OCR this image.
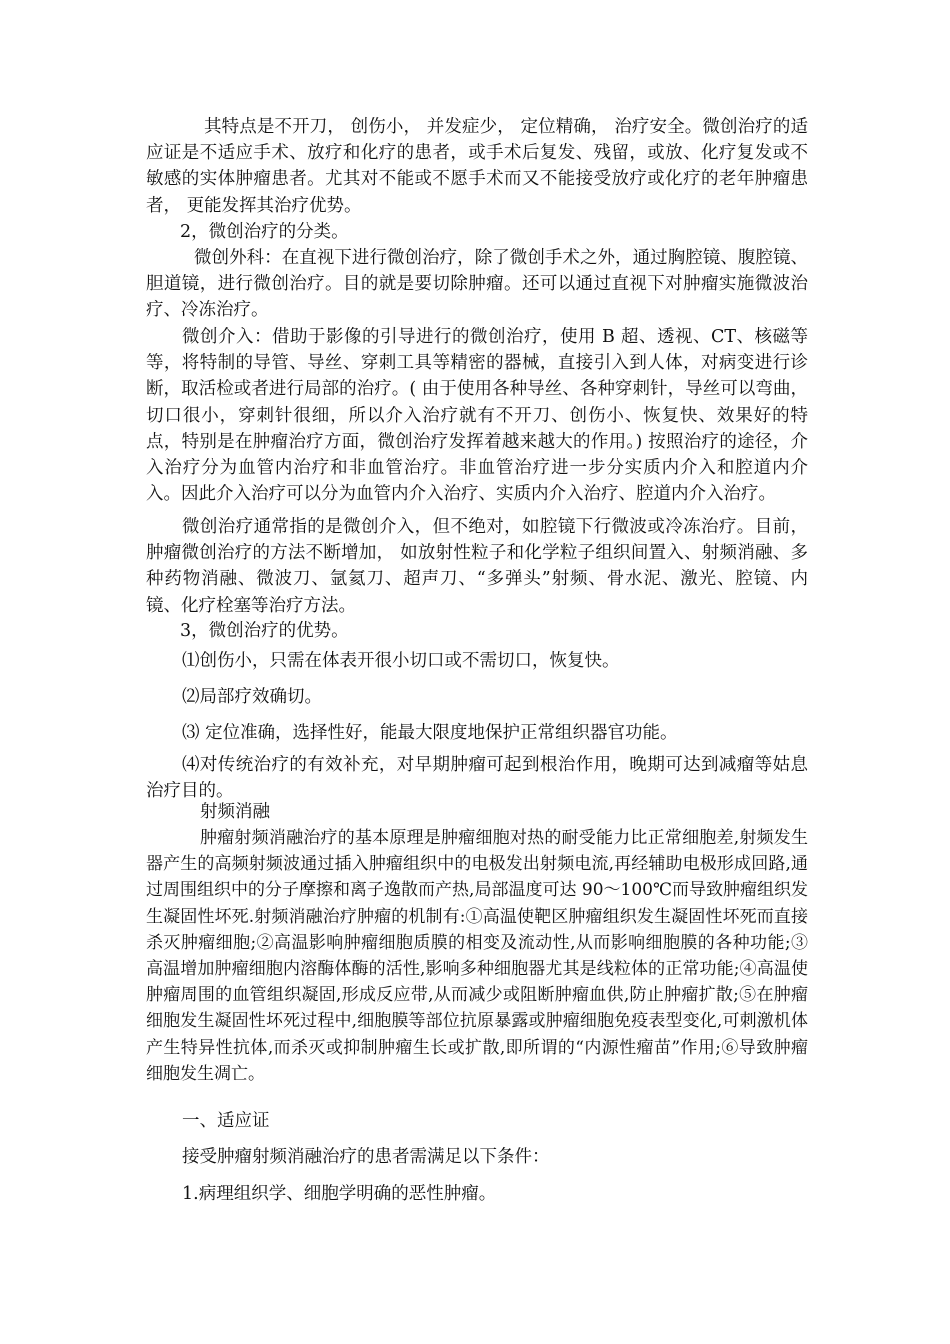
其特点是不开刀， 创伤小， 并发症少， 定位精确， 治疗安全。微创治疗的适应证是不适应手术、放疗和化疗的患者，或手术后复发、残留，或放、化疗复发或不敏感的实体肿瘤患者。尤其对不能或不愿手术而又不能接受放疗或化疗的老年肿瘤患者， 更能发挥其治疗优势。

2，微创治疗的分类。

微创外科：在直视下进行微创治疗，除了微创手术之外，通过胸腔镜、腹腔镜、胆道镜，进行微创治疗。目的就是要切除肿瘤。还可以通过直视下对肿瘤实施微波治疗、冷冻治疗。

微创介入：借助于影像的引导进行的微创治疗，使用 B 超、透视、CT、核磁等等，将特制的导管、导丝、穿刺工具等精密的器械，直接引入到人体，对病变进行诊断，取活检或者进行局部的治疗。( 由于使用各种导丝、各种穿刺针，导丝可以弯曲，切口很小，穿刺针很细，所以介入治疗就有不开刀、创伤小、恢复快、效果好的特点，特别是在肿瘤治疗方面，微创治疗发挥着越来越大的作用。) 按照治疗的途径，介入治疗分为血管内治疗和非血管治疗。非血管治疗进一步分实质内介入和腔道内介入。因此介入治疗可以分为血管内介入治疗、实质内介入治疗、腔道内介入治疗。

微创治疗通常指的是微创介入，但不绝对，如腔镜下行微波或冷冻治疗。目前， 肿瘤微创治疗的方法不断增加， 如放射性粒子和化学粒子组织间置入、射频消融、多种药物消融、微波刀、氩氦刀、超声刀、“多弹头”射频、骨水泥、激光、腔镜、内镜、化疗栓塞等治疗方法。

3，微创治疗的优势。

⑴创伤小，只需在体表开很小切口或不需切口，恢复快。

⑵局部疗效确切。

⑶ 定位准确，选择性好，能最大限度地保护正常组织器官功能。

⑷对传统治疗的有效补充，对早期肿瘤可起到根治作用，晚期可达到减瘤等姑息治疗目的。

射频消融

肿瘤射频消融治疗的基本原理是肿瘤细胞对热的耐受能力比正常细胞差,射频发生器产生的高频射频波通过插入肿瘤组织中的电极发出射频电流,再经辅助电极形成回路,通过周围组织中的分子摩擦和离子逸散而产热,局部温度可达 90～100℃而导致肿瘤组织发生凝固性坏死.射频消融治疗肿瘤的机制有:①高温使靶区肿瘤组织发生凝固性坏死而直接杀灭肿瘤细胞;②高温影响肿瘤细胞质膜的相变及流动性,从而影响细胞膜的各种功能;③高温增加肿瘤细胞内溶酶体酶的活性,影响多种细胞器尤其是线粒体的正常功能;④高温使肿瘤周围的血管组织凝固,形成反应带,从而减少或阻断肿瘤血供,防止肿瘤扩散;⑤在肿瘤细胞发生凝固性坏死过程中,细胞膜等部位抗原暴露或肿瘤细胞免疫表型变化,可刺激机体产生特异性抗体,而杀灭或抑制肿瘤生长或扩散,即所谓的“内源性瘤苗”作用;⑥导致肿瘤细胞发生凋亡。

一、适应证

接受肿瘤射频消融治疗的患者需满足以下条件：

1.病理组织学、细胞学明确的恶性肿瘤。
